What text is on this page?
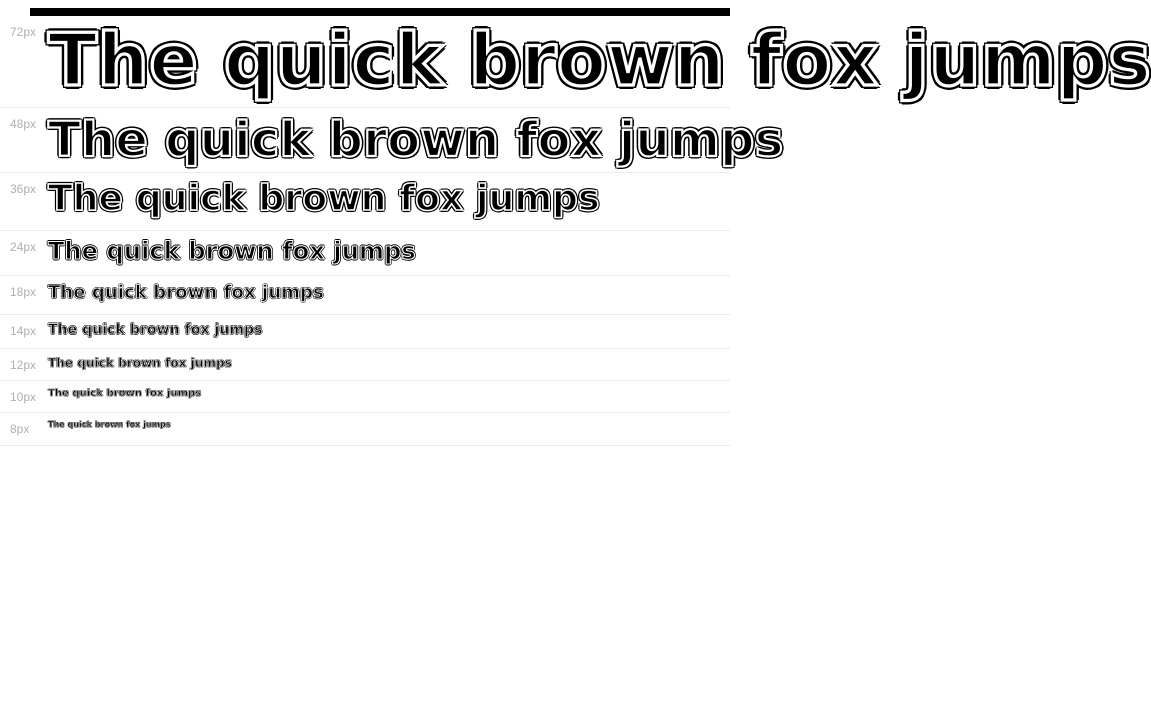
72px The quick brown fox jumps
48px The quick brown fox jumps
36px The quick brown fox jumps
24px The quick brown fox jumps
18px The quick brown fox jumps
14px The quick brown fox jumps
12px The quick brown fox jumps
10px	The quick brown fox jumps
8px	The quick brown fox jumps
